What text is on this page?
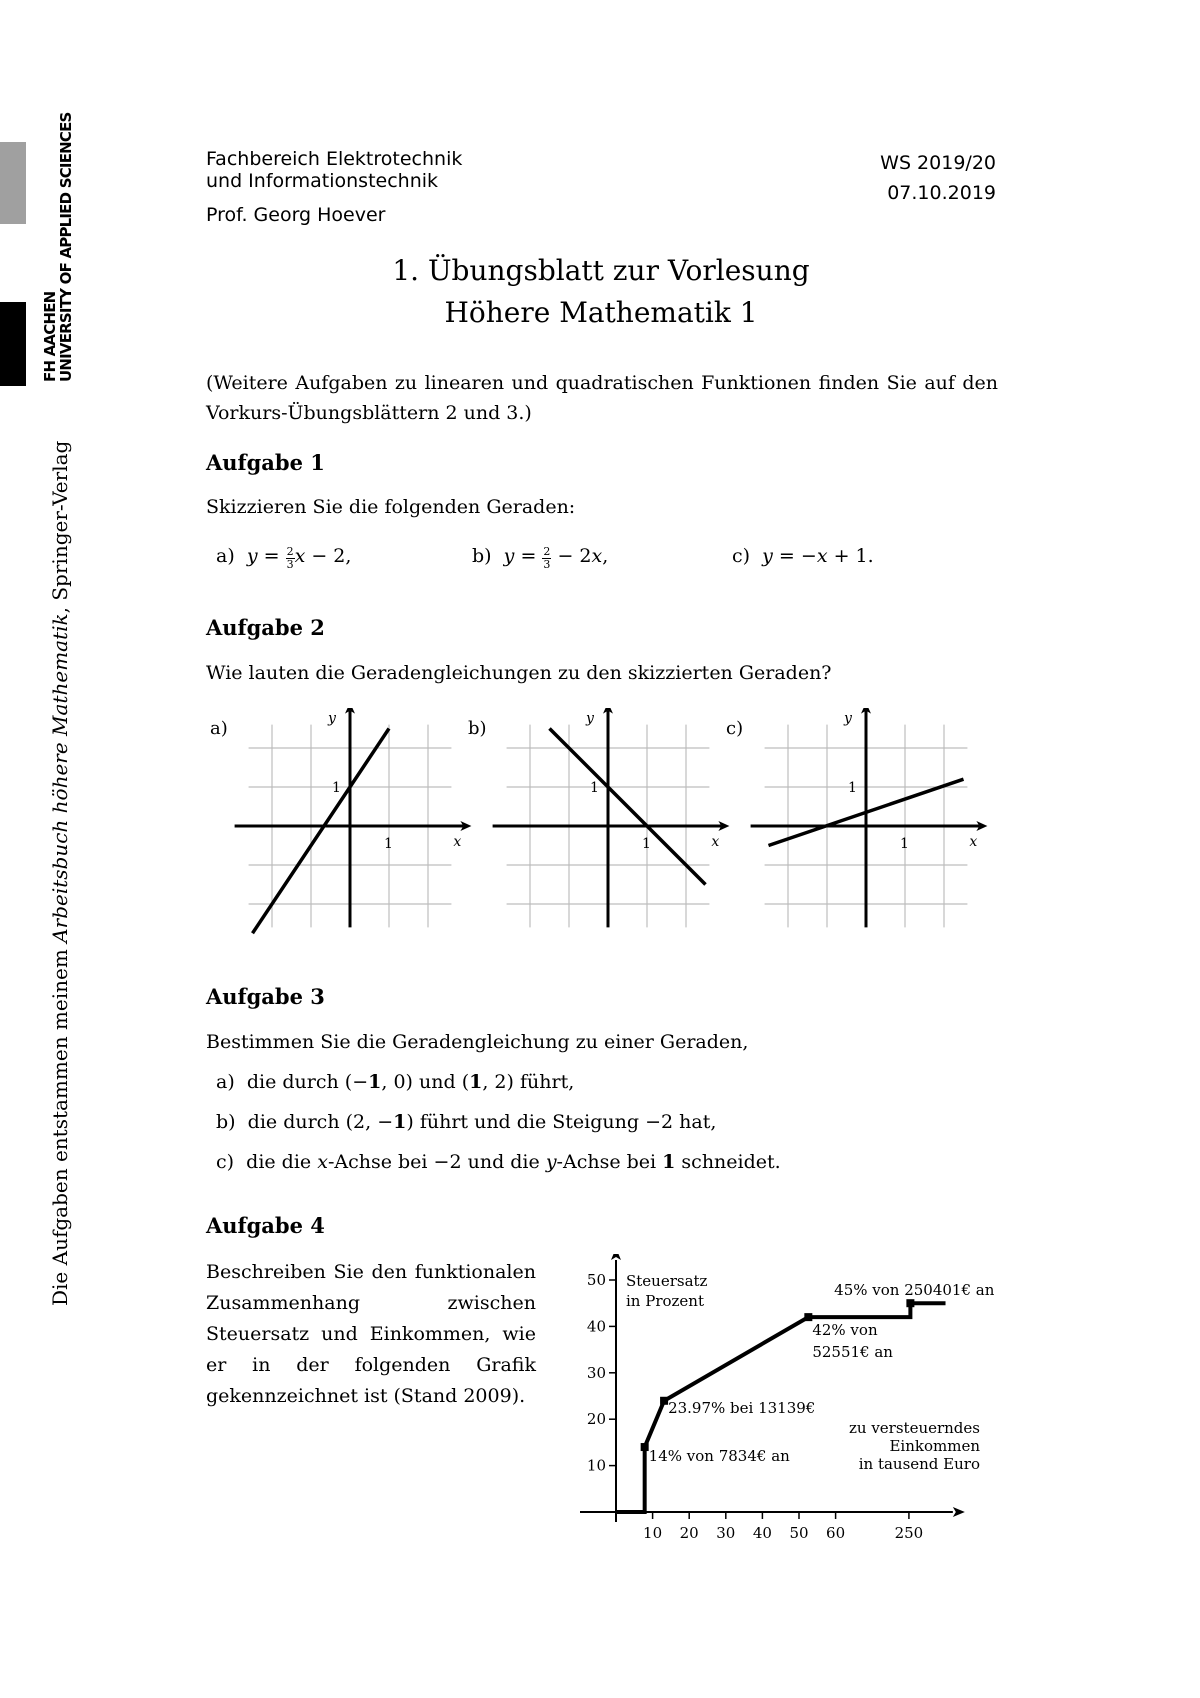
FH AACHEN
UNIVERSITY OF APPLIED SCIENCES
Die Aufgaben entstammen meinem Arbeitsbuch höhere Mathematik, Springer-Verlag
Fachbereich Elektrotechnik
und Informationstechnik
Prof. Georg Hoever
WS 2019/20
07.10.2019
1. Übungsblatt zur Vorlesung
Höhere Mathematik 1
(Weitere Aufgaben zu linearen und quadratischen Funktionen finden Sie auf den Vorkurs-Übungsblättern 2 und 3.)
Aufgabe 1
Skizzieren Sie die folgenden Geraden:
a) $y = \frac{2}{3}$ x − 2,	b) $y = \frac{2}{3} - 2x$,	c) y = −x + 1.
Aufgabe 2
Wie lauten die Geradengleichungen zu den skizzierten Geraden?
a)
x
y
1
1
b)
x
y
1
1
c)
x
y
1
1
Aufgabe 3
Bestimmen Sie die Geradengleichung zu einer Geraden,
a) die durch (−1, 0) und (1, 2) führt,
b) die durch (2, −1) führt und die Steigung −2 hat,
c) die die x-Achse bei −2 und die y-Achse bei 1 schneidet.
Aufgabe 4
Beschreiben Sie den funktionalen Zusammenhang zwischen Steuersatz und Einkommen, wie er in der folgenden Grafik gekennzeichnet ist (Stand 2009).
10
20
30
40
50
10 20 30 40 50 60	250
14% von 7834€ an
23.97% bei 13139€
42% von
52551€ an
45% von 250401€ an
Steuersatz
in Prozent
zu versteuerndes
Einkommen
in tausend Euro
